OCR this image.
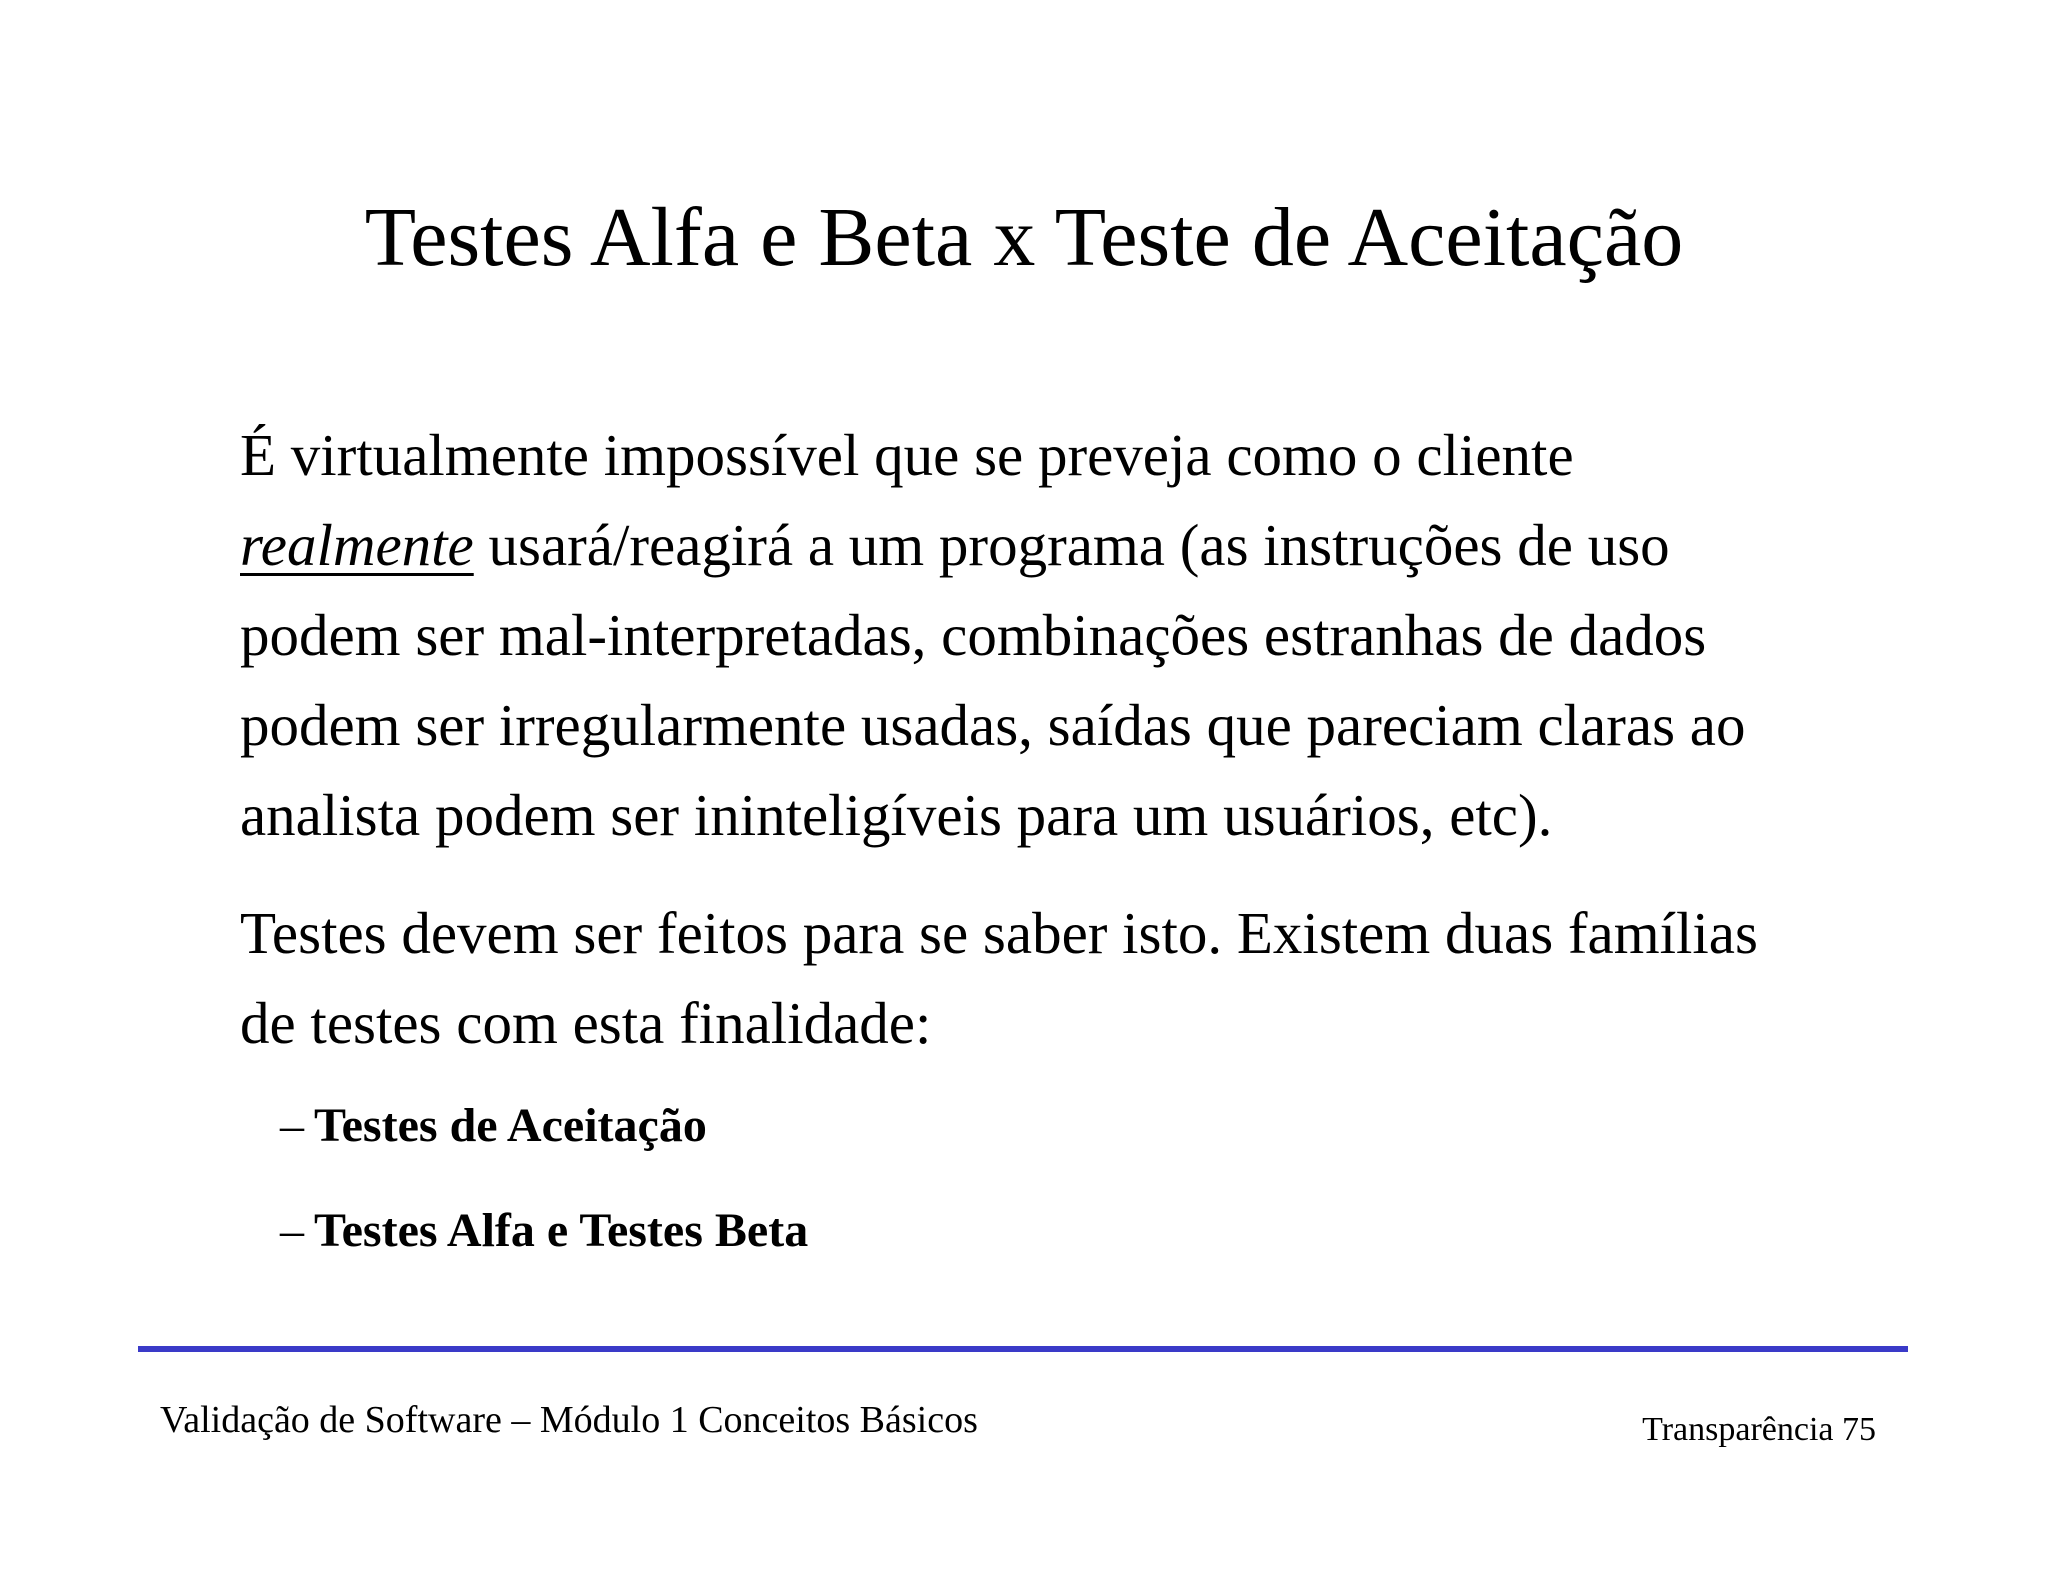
Testes Alfa e Beta x Teste de Aceitação

É virtualmente impossível que se preveja como o cliente
realmente usará/reagirá a um programa (as instruções de uso
podem ser mal-interpretadas, combinações estranhas de dados
podem ser irregularmente usadas, saídas que pareciam claras ao
analista podem ser ininteligíveis para um usuários, etc).

Testes devem ser feitos para se saber isto. Existem duas famílias
de testes com esta finalidade:

– Testes de Aceitação
– Testes Alfa e Testes Beta
Validação de Software – Módulo 1 Conceitos Básicos	Transparência 75
